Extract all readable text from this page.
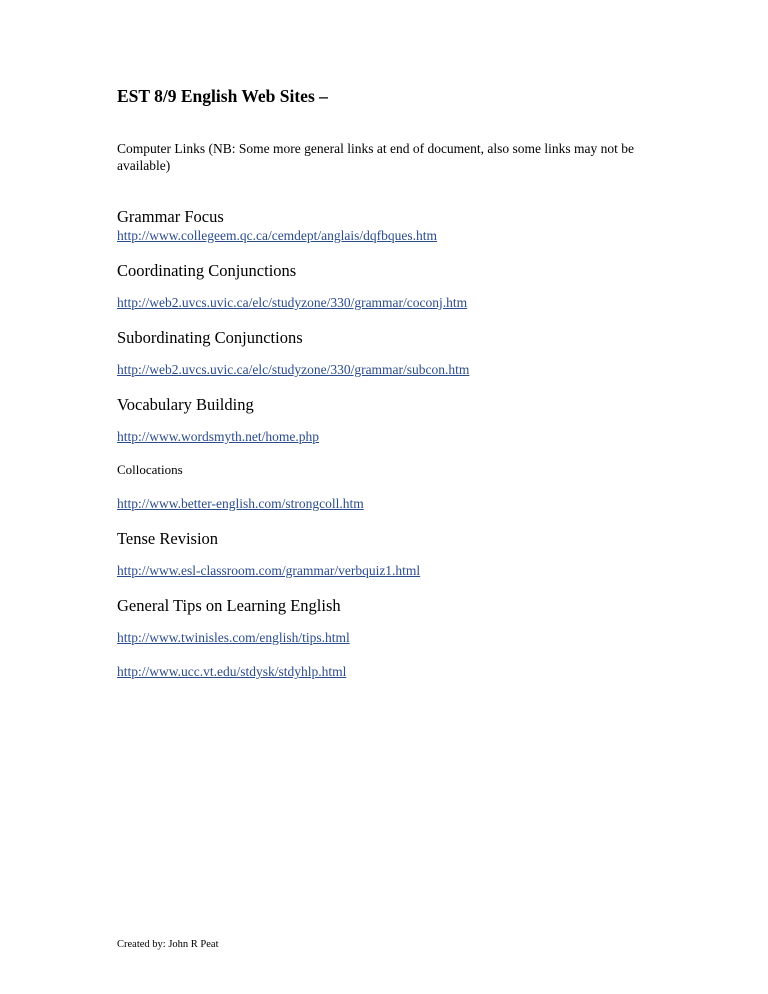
EST 8/9 English Web Sites –

Computer Links (NB: Some more general links at end of document, also some links may not be available)

Grammar Focus
http://www.collegeem.qc.ca/cemdept/anglais/dqfbques.htm
Coordinating Conjunctions
http://web2.uvcs.uvic.ca/elc/studyzone/330/grammar/coconj.htm
Subordinating Conjunctions
http://web2.uvcs.uvic.ca/elc/studyzone/330/grammar/subcon.htm
Vocabulary Building
http://www.wordsmyth.net/home.php
Collocations
http://www.better-english.com/strongcoll.htm
Tense Revision
http://www.esl-classroom.com/grammar/verbquiz1.html
General Tips on Learning English
http://www.twinisles.com/english/tips.html
http://www.ucc.vt.edu/stdysk/stdyhlp.html
Created by: John R Peat
